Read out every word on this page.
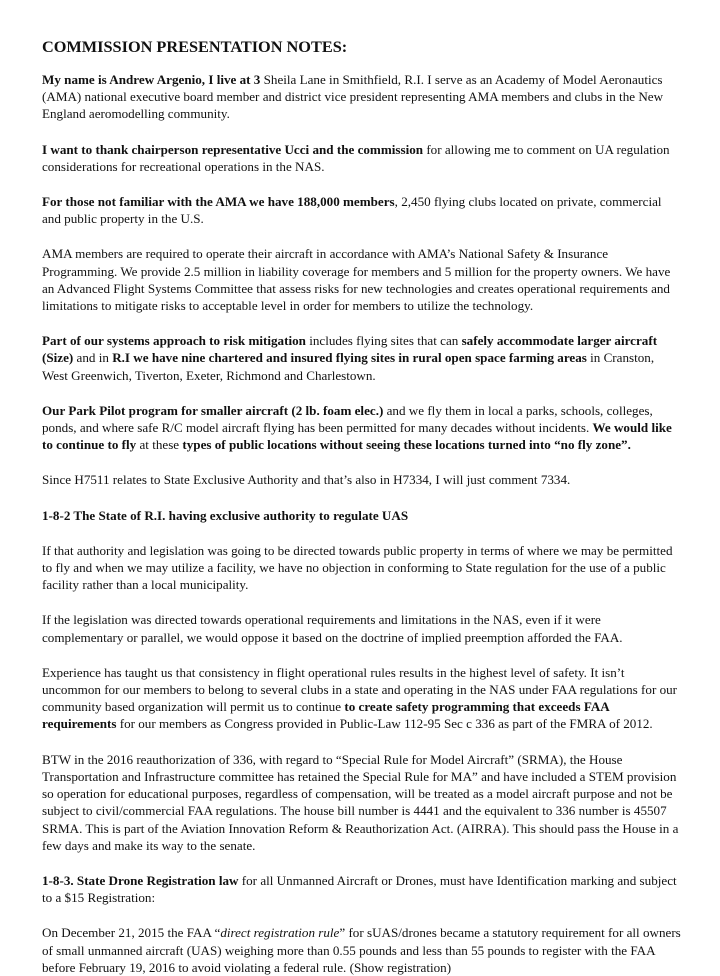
COMMISSION PRESENTATION NOTES:

My name is Andrew Argenio, I live at 3 Sheila Lane in Smithfield, R.I. I serve as an Academy of Model Aeronautics (AMA) national executive board member and district vice president representing AMA members and clubs in the New England aeromodelling community.

I want to thank chairperson representative Ucci and the commission for allowing me to comment on UA regulation considerations for recreational operations in the NAS.

For those not familiar with the AMA we have 188,000 members, 2,450 flying clubs located on private, commercial and public property in the U.S.

AMA members are required to operate their aircraft in accordance with AMA’s National Safety & Insurance Programming. We provide 2.5 million in liability coverage for members and 5 million for the property owners. We have an Advanced Flight Systems Committee that assess risks for new technologies and creates operational requirements and limitations to mitigate risks to acceptable level in order for members to utilize the technology.

Part of our systems approach to risk mitigation includes flying sites that can safely accommodate larger aircraft (Size) and in R.I we have nine chartered and insured flying sites in rural open space farming areas in Cranston, West Greenwich, Tiverton, Exeter, Richmond and Charlestown.

Our Park Pilot program for smaller aircraft (2 lb. foam elec.) and we fly them in local a parks, schools, colleges, ponds, and where safe R/C model aircraft flying has been permitted for many decades without incidents. We would like to continue to fly at these types of public locations without seeing these locations turned into “no fly zone”.

Since H7511 relates to State Exclusive Authority and that’s also in H7334, I will just comment 7334.

1-8-2 The State of R.I. having exclusive authority to regulate UAS

If that authority and legislation was going to be directed towards public property in terms of where we may be permitted to fly and when we may utilize a facility, we have no objection in conforming to State regulation for the use of a public facility rather than a local municipality.

If the legislation was directed towards operational requirements and limitations in the NAS, even if it were complementary or parallel, we would oppose it based on the doctrine of implied preemption afforded the FAA.

Experience has taught us that consistency in flight operational rules results in the highest level of safety. It isn’t uncommon for our members to belong to several clubs in a state and operating in the NAS under FAA regulations for our community based organization will permit us to continue to create safety programming that exceeds FAA requirements for our members as Congress provided in Public-Law 112-95 Sec c 336 as part of the FMRA of 2012.

BTW in the 2016 reauthorization of 336, with regard to “Special Rule for Model Aircraft” (SRMA), the House Transportation and Infrastructure committee has retained the Special Rule for MA” and have included a STEM provision so operation for educational purposes, regardless of compensation, will be treated as a model aircraft purpose and not be subject to civil/commercial FAA regulations. The house bill number is 4441 and the equivalent to 336 number is 45507 SRMA. This is part of the Aviation Innovation Reform & Reauthorization Act. (AIRRA). This should pass the House in a few days and make its way to the senate.

1-8-3. State Drone Registration law for all Unmanned Aircraft or Drones, must have Identification marking and subject to a $15 Registration:

On December 21, 2015 the FAA “direct registration rule” for sUAS/drones became a statutory requirement for all owners of small unmanned aircraft (UAS) weighing more than 0.55 pounds and less than 55 pounds to register with the FAA before February 19, 2016 to avoid violating a federal rule. (Show registration)
